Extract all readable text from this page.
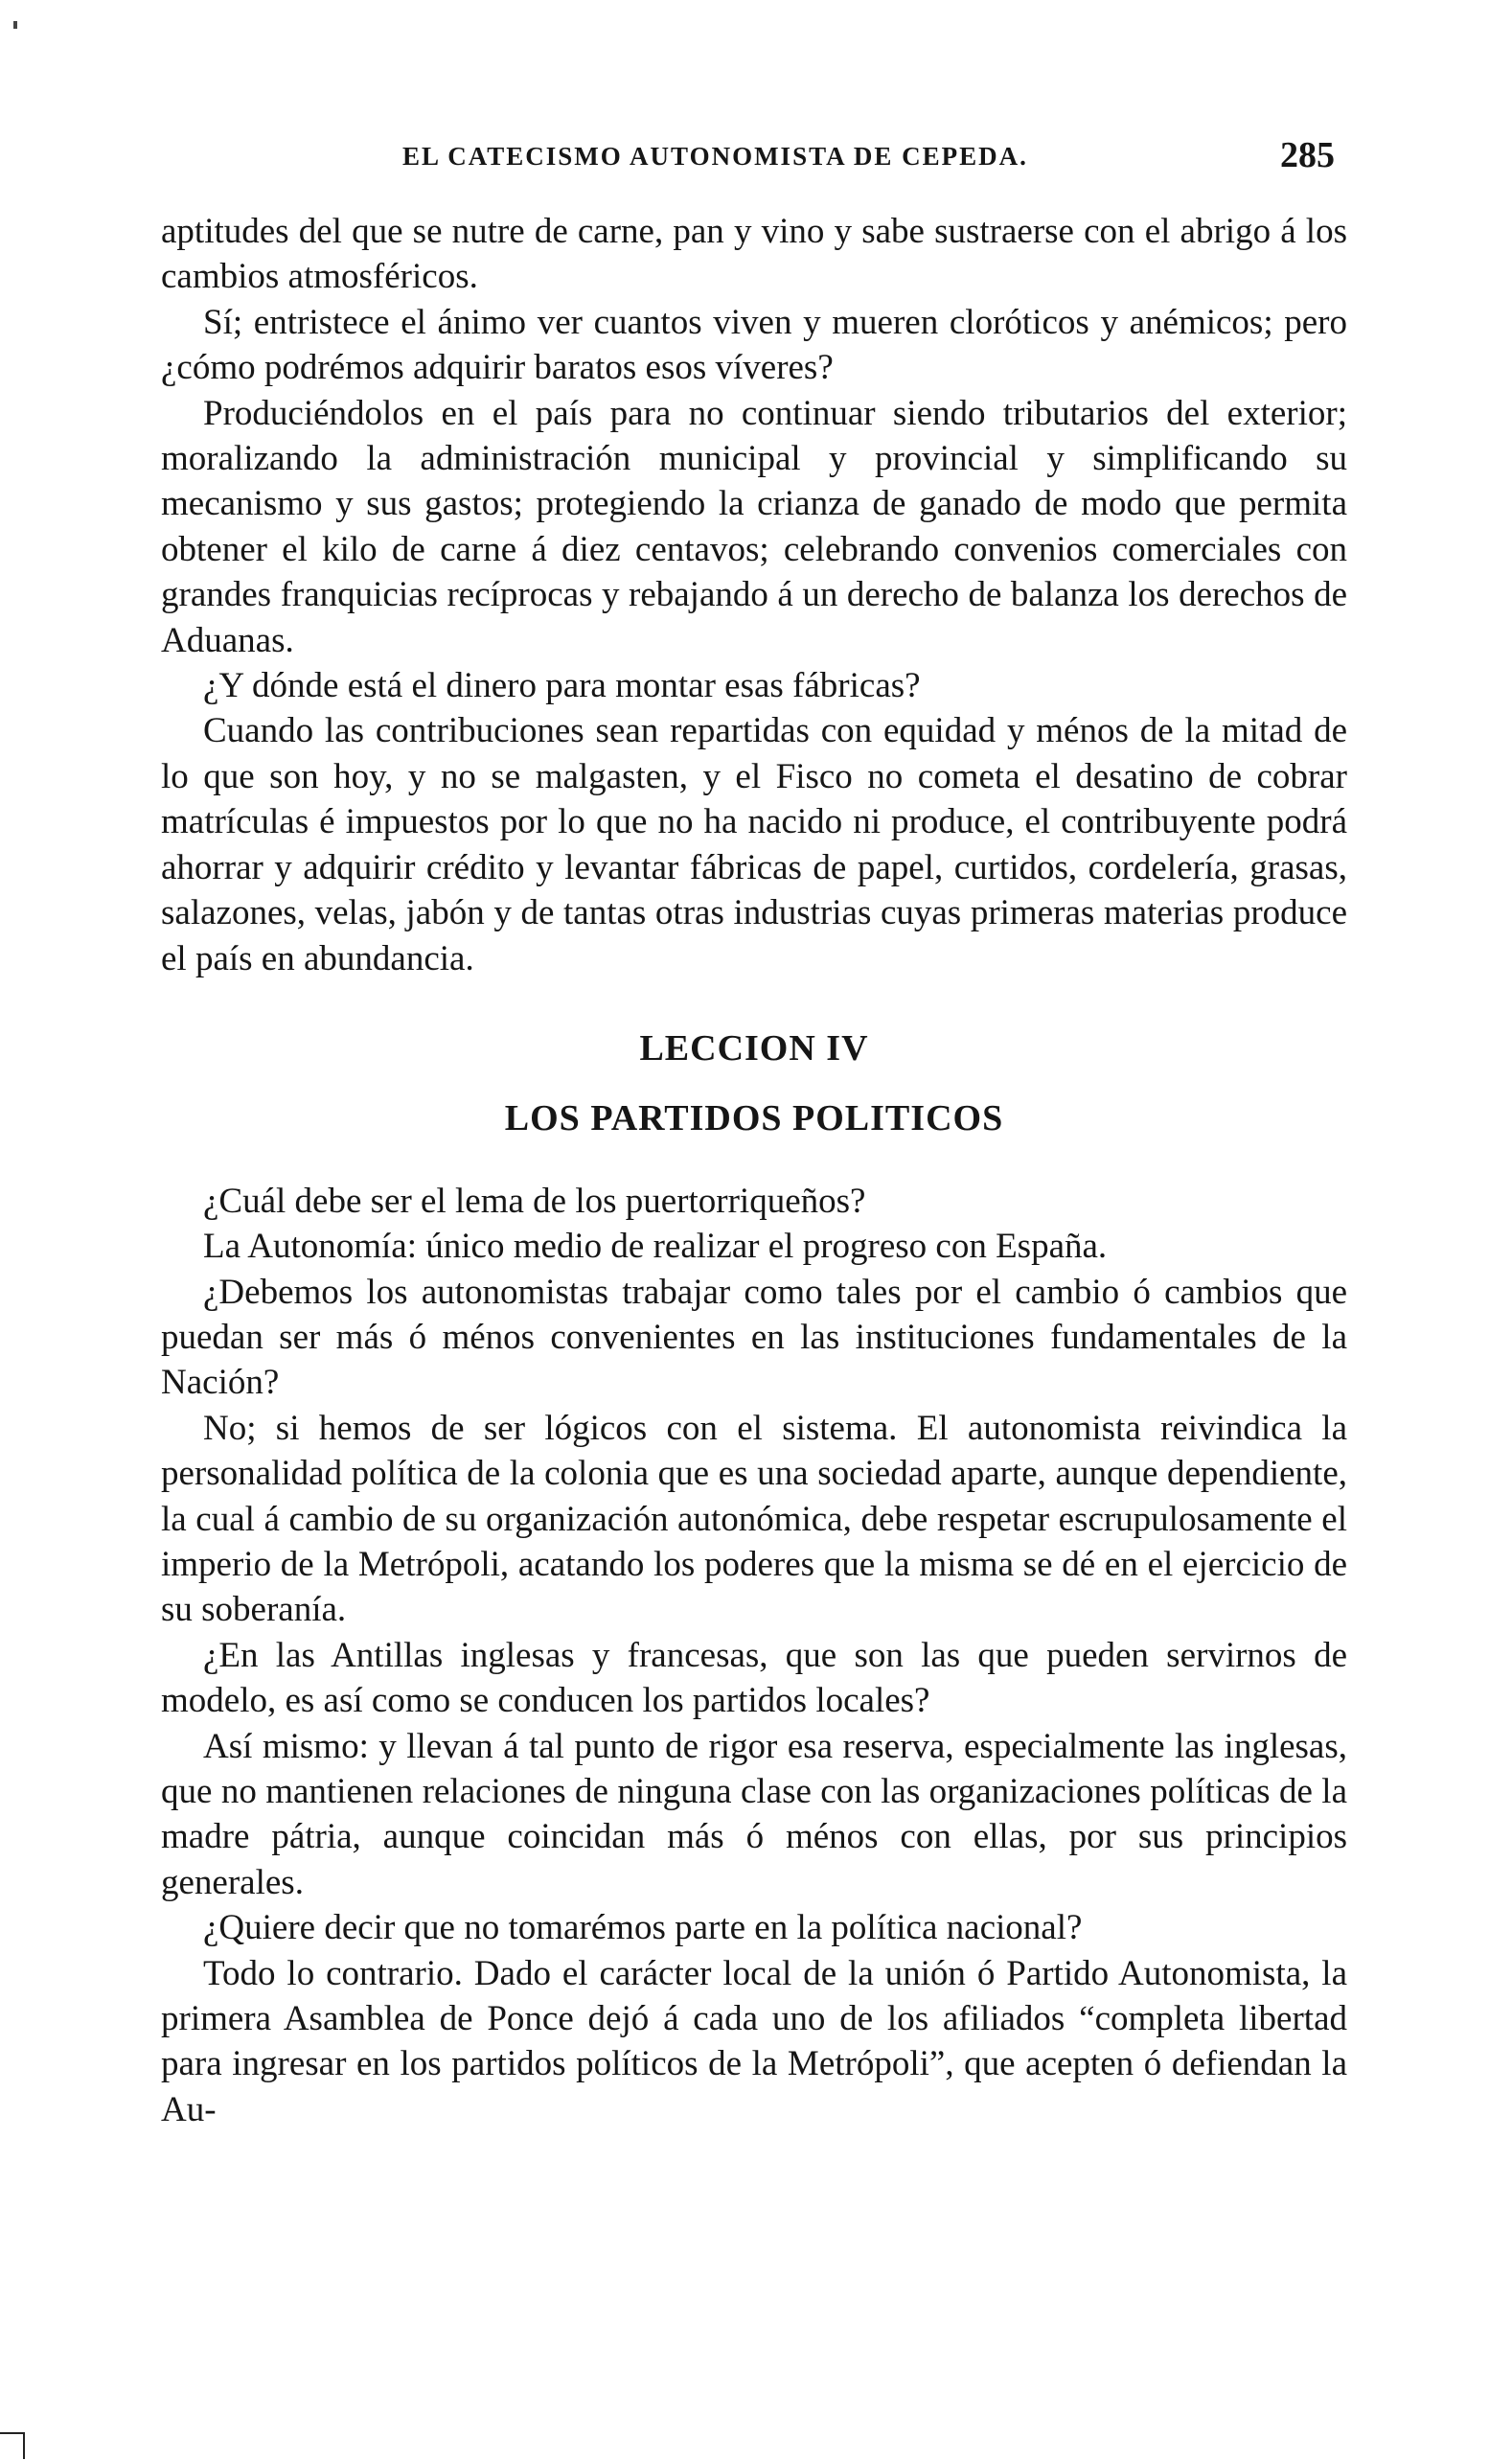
EL CATECISMO AUTONOMISTA DE CEPEDA.	285

aptitudes del que se nutre de carne, pan y vino y sabe sustraerse con el abrigo á los cambios atmosféricos.

Sí; entristece el ánimo ver cuantos viven y mueren cloróticos y anémicos; pero ¿cómo podrémos adquirir baratos esos víveres?

Produciéndolos en el país para no continuar siendo tributarios del exterior; moralizando la administración municipal y provincial y simplificando su mecanismo y sus gastos; protegiendo la crianza de ganado de modo que permita obtener el kilo de carne á diez centavos; celebrando convenios comerciales con grandes franquicias recíprocas y rebajando á un derecho de balanza los derechos de Aduanas.

¿Y dónde está el dinero para montar esas fábricas?

Cuando las contribuciones sean repartidas con equidad y ménos de la mitad de lo que son hoy, y no se malgasten, y el Fisco no cometa el desatino de cobrar matrículas é impuestos por lo que no ha nacido ni produce, el contribuyente podrá ahorrar y adquirir crédito y levantar fábricas de papel, curtidos, cordelería, grasas, salazones, velas, jabón y de tantas otras industrias cuyas primeras materias produce el país en abundancia.

LECCION IV
LOS PARTIDOS POLITICOS

¿Cuál debe ser el lema de los puertorriqueños?

La Autonomía: único medio de realizar el progreso con España.

¿Debemos los autonomistas trabajar como tales por el cambio ó cambios que puedan ser más ó ménos convenientes en las instituciones fundamentales de la Nación?

No; si hemos de ser lógicos con el sistema. El autonomista reivindica la personalidad política de la colonia que es una sociedad aparte, aunque dependiente, la cual á cambio de su organización autonómica, debe respetar escrupulosamente el imperio de la Metrópoli, acatando los poderes que la misma se dé en el ejercicio de su soberanía.

¿En las Antillas inglesas y francesas, que son las que pueden servirnos de modelo, es así como se conducen los partidos locales?

Así mismo: y llevan á tal punto de rigor esa reserva, especialmente las inglesas, que no mantienen relaciones de ninguna clase con las organizaciones políticas de la madre pátria, aunque coincidan más ó ménos con ellas, por sus principios generales.

¿Quiere decir que no tomarémos parte en la política nacional?

Todo lo contrario. Dado el carácter local de la unión ó Partido Autonomista, la primera Asamblea de Ponce dejó á cada uno de los afiliados “completa libertad para ingresar en los partidos políticos de la Metrópoli”, que acepten ó defiendan la Au-
